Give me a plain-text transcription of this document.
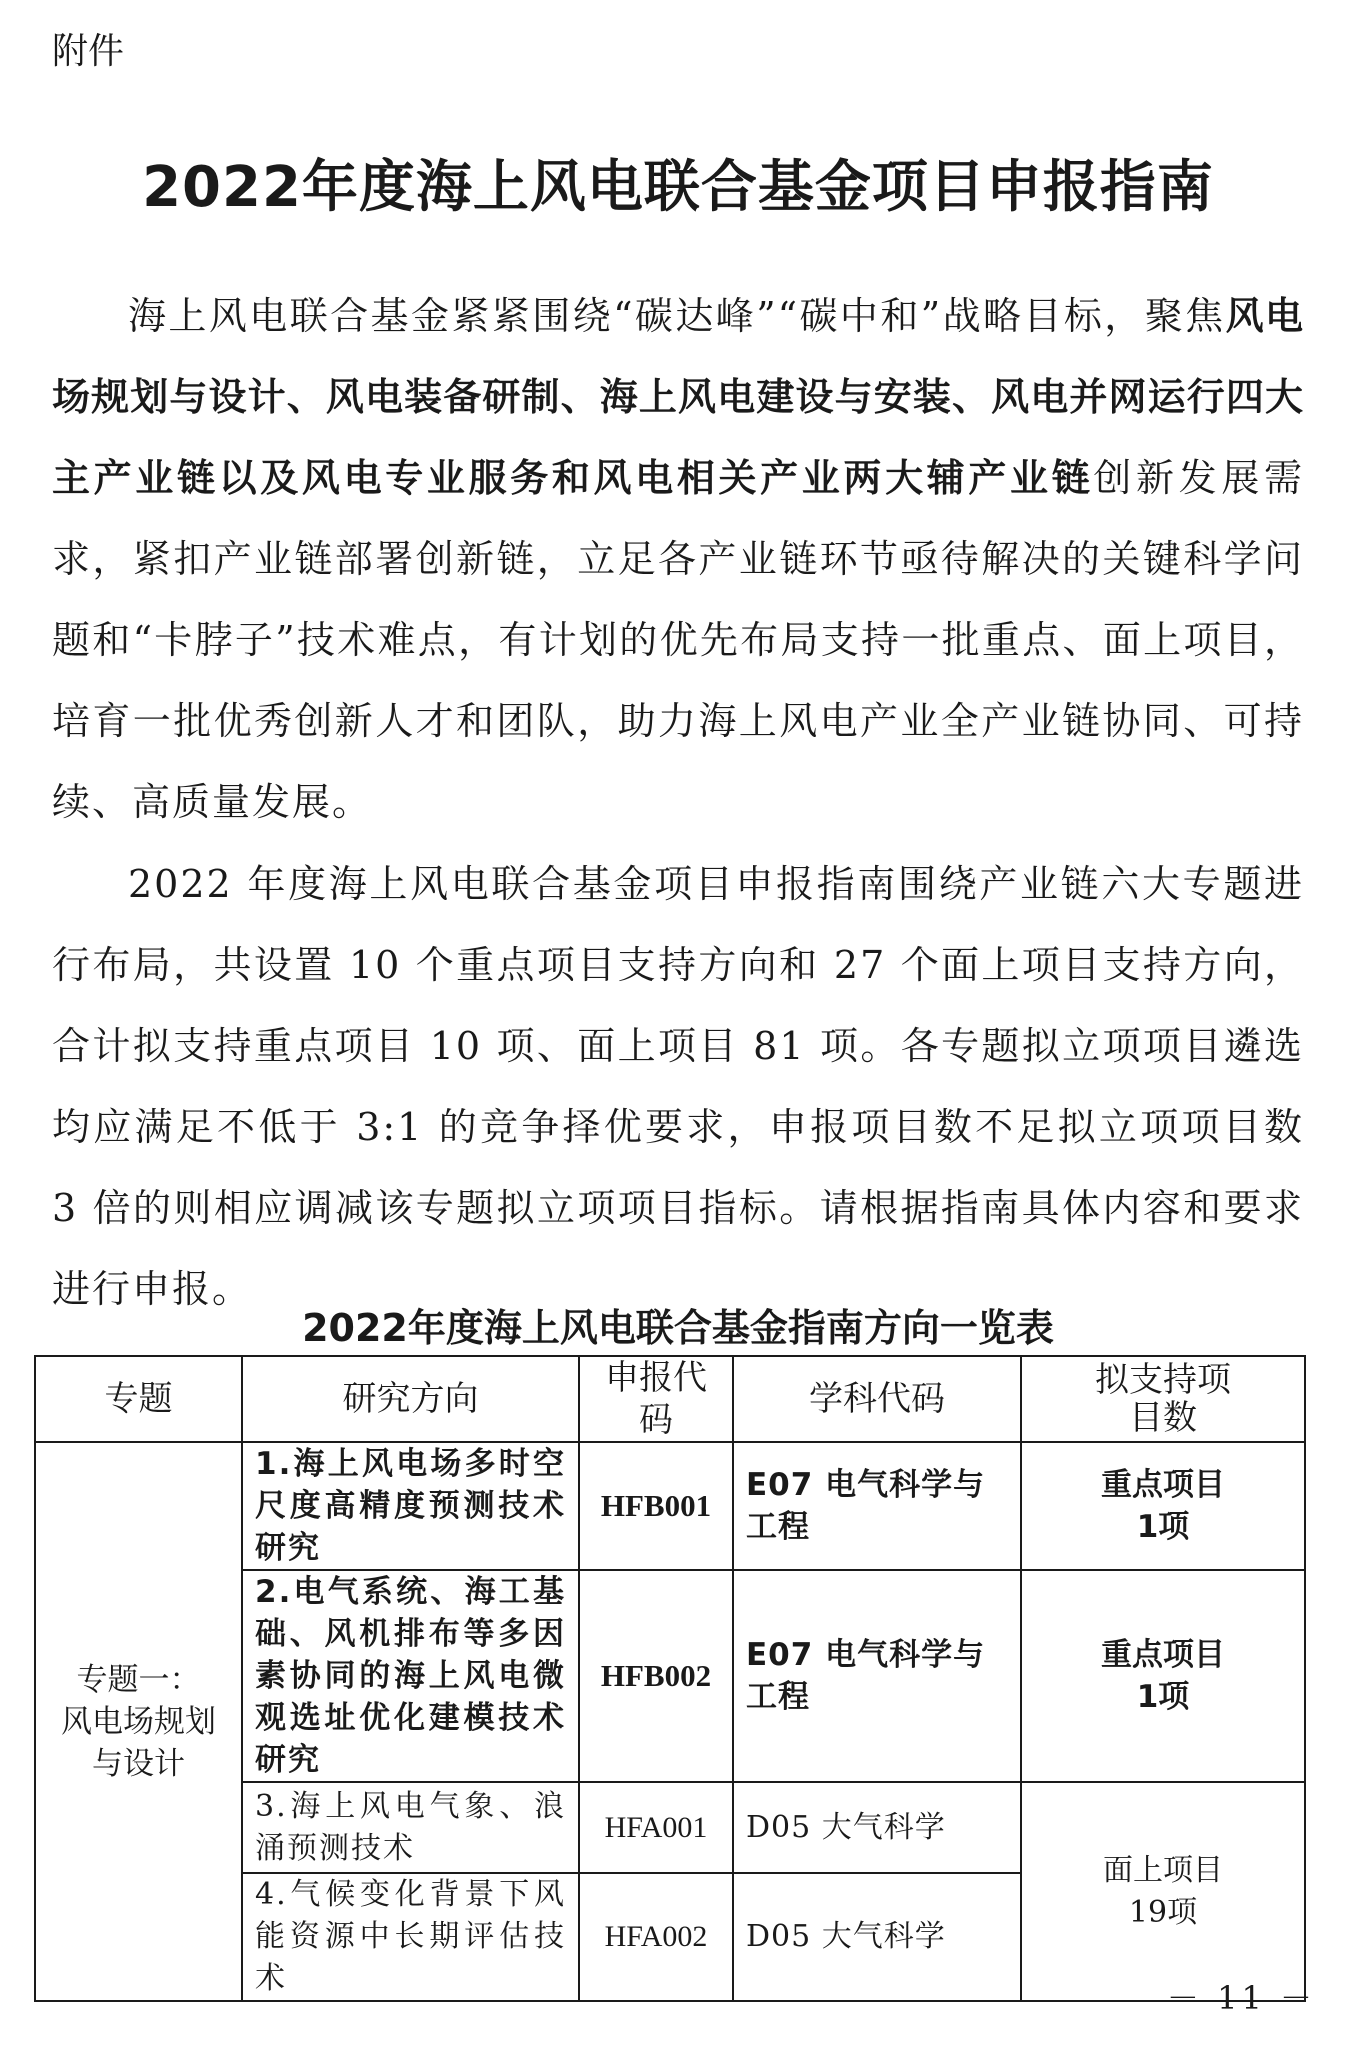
附件

2022年度海上风电联合基金项目申报指南

海上风电联合基金紧紧围绕“碳达峰”“碳中和”战略目标，聚焦风电场规划与设计、风电装备研制、海上风电建设与安装、风电并网运行四大主产业链以及风电专业服务和风电相关产业两大辅产业链创新发展需求，紧扣产业链部署创新链，立足各产业链环节亟待解决的关键科学问题和“卡脖子”技术难点，有计划的优先布局支持一批重点、面上项目，培育一批优秀创新人才和团队，助力海上风电产业全产业链协同、可持续、高质量发展。

2022 年度海上风电联合基金项目申报指南围绕产业链六大专题进行布局，共设置 10 个重点项目支持方向和 27 个面上项目支持方向，合计拟支持重点项目 10 项、面上项目 81 项。各专题拟立项项目遴选均应满足不低于 3:1 的竞争择优要求，申报项目数不足拟立项项目数 3 倍的则相应调减该专题拟立项项目指标。请根据指南具体内容和要求进行申报。

2022年度海上风电联合基金指南方向一览表

专题	研究方向	申报代码	学科代码	拟支持项
目数
专题一：
风电场规划
与设计	1.海上风电场多时空尺度高精度预测技术研究	HFB001	E07 电气科学与工程	重点项目
1项
	2.电气系统、海工基础、风机排布等多因素协同的海上风电微观选址优化建模技术研究	HFB002	E07 电气科学与工程	重点项目
1项
	3.海上风电气象、浪涌预测技术	HFA001	D05 大气科学	面上项目
19项
	4.气候变化背景下风能资源中长期评估技术	HFA002	D05 大气科学	

－ 11 －
